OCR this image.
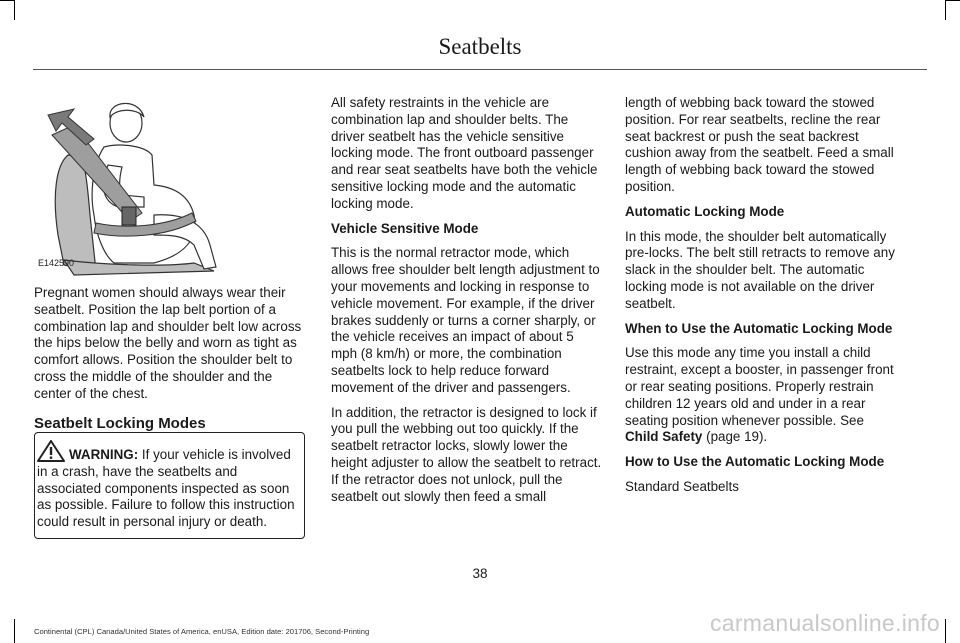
Seatbelts
E142590

Pregnant women should always wear their seatbelt. Position the lap belt portion of a combination lap and shoulder belt low across the hips below the belly and worn as tight as comfort allows. Position the shoulder belt to cross the middle of the shoulder and the center of the chest.

Seatbelt Locking Modes
WARNING: If your vehicle is involved in a crash, have the seatbelts and associated components inspected as soon as possible. Failure to follow this instruction could result in personal injury or death.

All safety restraints in the vehicle are combination lap and shoulder belts. The driver seatbelt has the vehicle sensitive locking mode. The front outboard passenger and rear seat seatbelts have both the vehicle sensitive locking mode and the automatic locking mode.

Vehicle Sensitive Mode

This is the normal retractor mode, which allows free shoulder belt length adjustment to your movements and locking in response to vehicle movement. For example, if the driver brakes suddenly or turns a corner sharply, or the vehicle receives an impact of about 5 mph (8 km/h) or more, the combination seatbelts lock to help reduce forward movement of the driver and passengers.

In addition, the retractor is designed to lock if you pull the webbing out too quickly. If the seatbelt retractor locks, slowly lower the height adjuster to allow the seatbelt to retract. If the retractor does not unlock, pull the seatbelt out slowly then feed a small

length of webbing back toward the stowed position. For rear seatbelts, recline the rear seat backrest or push the seat backrest cushion away from the seatbelt. Feed a small length of webbing back toward the stowed position.

Automatic Locking Mode

In this mode, the shoulder belt automatically pre-locks. The belt still retracts to remove any slack in the shoulder belt. The automatic locking mode is not available on the driver seatbelt.

When to Use the Automatic Locking Mode

Use this mode any time you install a child restraint, except a booster, in passenger front or rear seating positions. Properly restrain children 12 years old and under in a rear seating position whenever possible. See Child Safety (page 19).

How to Use the Automatic Locking Mode

Standard Seatbelts

38
Continental (CPL) Canada/United States of America, enUSA, Edition date: 201706, Second-Printing	carmanualsonline.info
